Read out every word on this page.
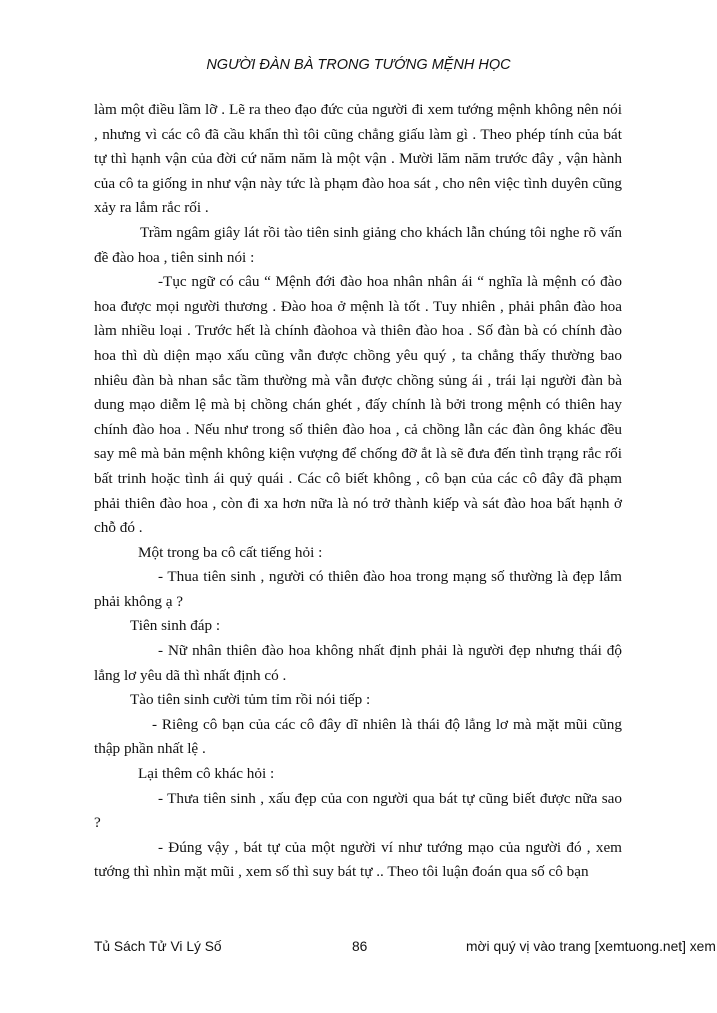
NGƯỜI ĐÀN BÀ TRONG TƯỚNG MỆNH HỌC

làm một điều lầm lỡ . Lẽ ra theo đạo đức của người đi xem tướng mệnh không nên nói , nhưng vì các cô đã cầu khẩn thì tôi cũng chẳng giấu làm gì . Theo phép tính của bát tự thì hạnh vận của đời cứ năm năm là một vận . Mười lăm năm trước đây , vận hành của cô ta giống in như vận này tức là phạm đào hoa sát , cho nên việc tình duyên cũng xảy ra lắm rắc rối .

Trầm ngâm giây lát rồi tào tiên sinh giảng cho khách lẫn chúng tôi nghe rõ vấn đề đào hoa , tiên sinh nói :

-Tục ngữ có câu “ Mệnh đới đào hoa nhân nhân ái “ nghĩa là mệnh có đào hoa được mọi người thương . Đào hoa ở mệnh là tốt . Tuy nhiên , phải phân đào hoa làm nhiều loại . Trước hết là chính đàohoa và thiên đào hoa . Số đàn bà có chính đào hoa thì dù diện mạo xấu cũng vẫn được chồng yêu quý , ta chẳng thấy thường bao nhiêu đàn bà nhan sắc tầm thường mà vẫn được chồng sủng ái , trái lại người đàn bà dung mạo diễm lệ mà bị chồng chán ghét , đấy chính là bởi trong mệnh có thiên hay chính đào hoa . Nếu như trong số thiên đào hoa , cả chồng lẫn các đàn ông khác đều say mê mà bản mệnh không kiện vượng để chống đỡ ắt là sẽ đưa đến tình trạng rắc rối bất trinh hoặc tình ái quỷ quái . Các cô biết không , cô bạn của các cô đây đã phạm phải thiên đào hoa , còn đi xa hơn nữa là nó trở thành kiếp và sát đào hoa bất hạnh ở chỗ đó .

Một trong ba cô cất tiếng hỏi :

- Thua tiên sinh , người có thiên đào hoa trong mạng số thường là đẹp lắm phải không ạ ?

Tiên sinh đáp :

- Nữ nhân thiên đào hoa không nhất định phải là người đẹp nhưng thái độ lẳng lơ yêu dã thì nhất định có .

Tào tiên sinh cười tủm tỉm rồi nói tiếp :

- Riêng cô bạn của các cô đây dĩ nhiên là thái độ lẳng lơ mà mặt mũi cũng thập phần nhất lệ .

Lại thêm cô khác hỏi :

- Thưa tiên sinh , xấu đẹp của con người qua bát tự cũng biết được nữa sao ?

- Đúng vậy , bát tự của một người ví như tướng mạo của người đó , xem tướng thì nhìn mặt mũi , xem số thì suy bát tự .. Theo tôi luận đoán qua số cô bạn

Tủ Sách Tử Vi Lý Số	86	mời quý vị vào trang [xemtuong.net] xem
